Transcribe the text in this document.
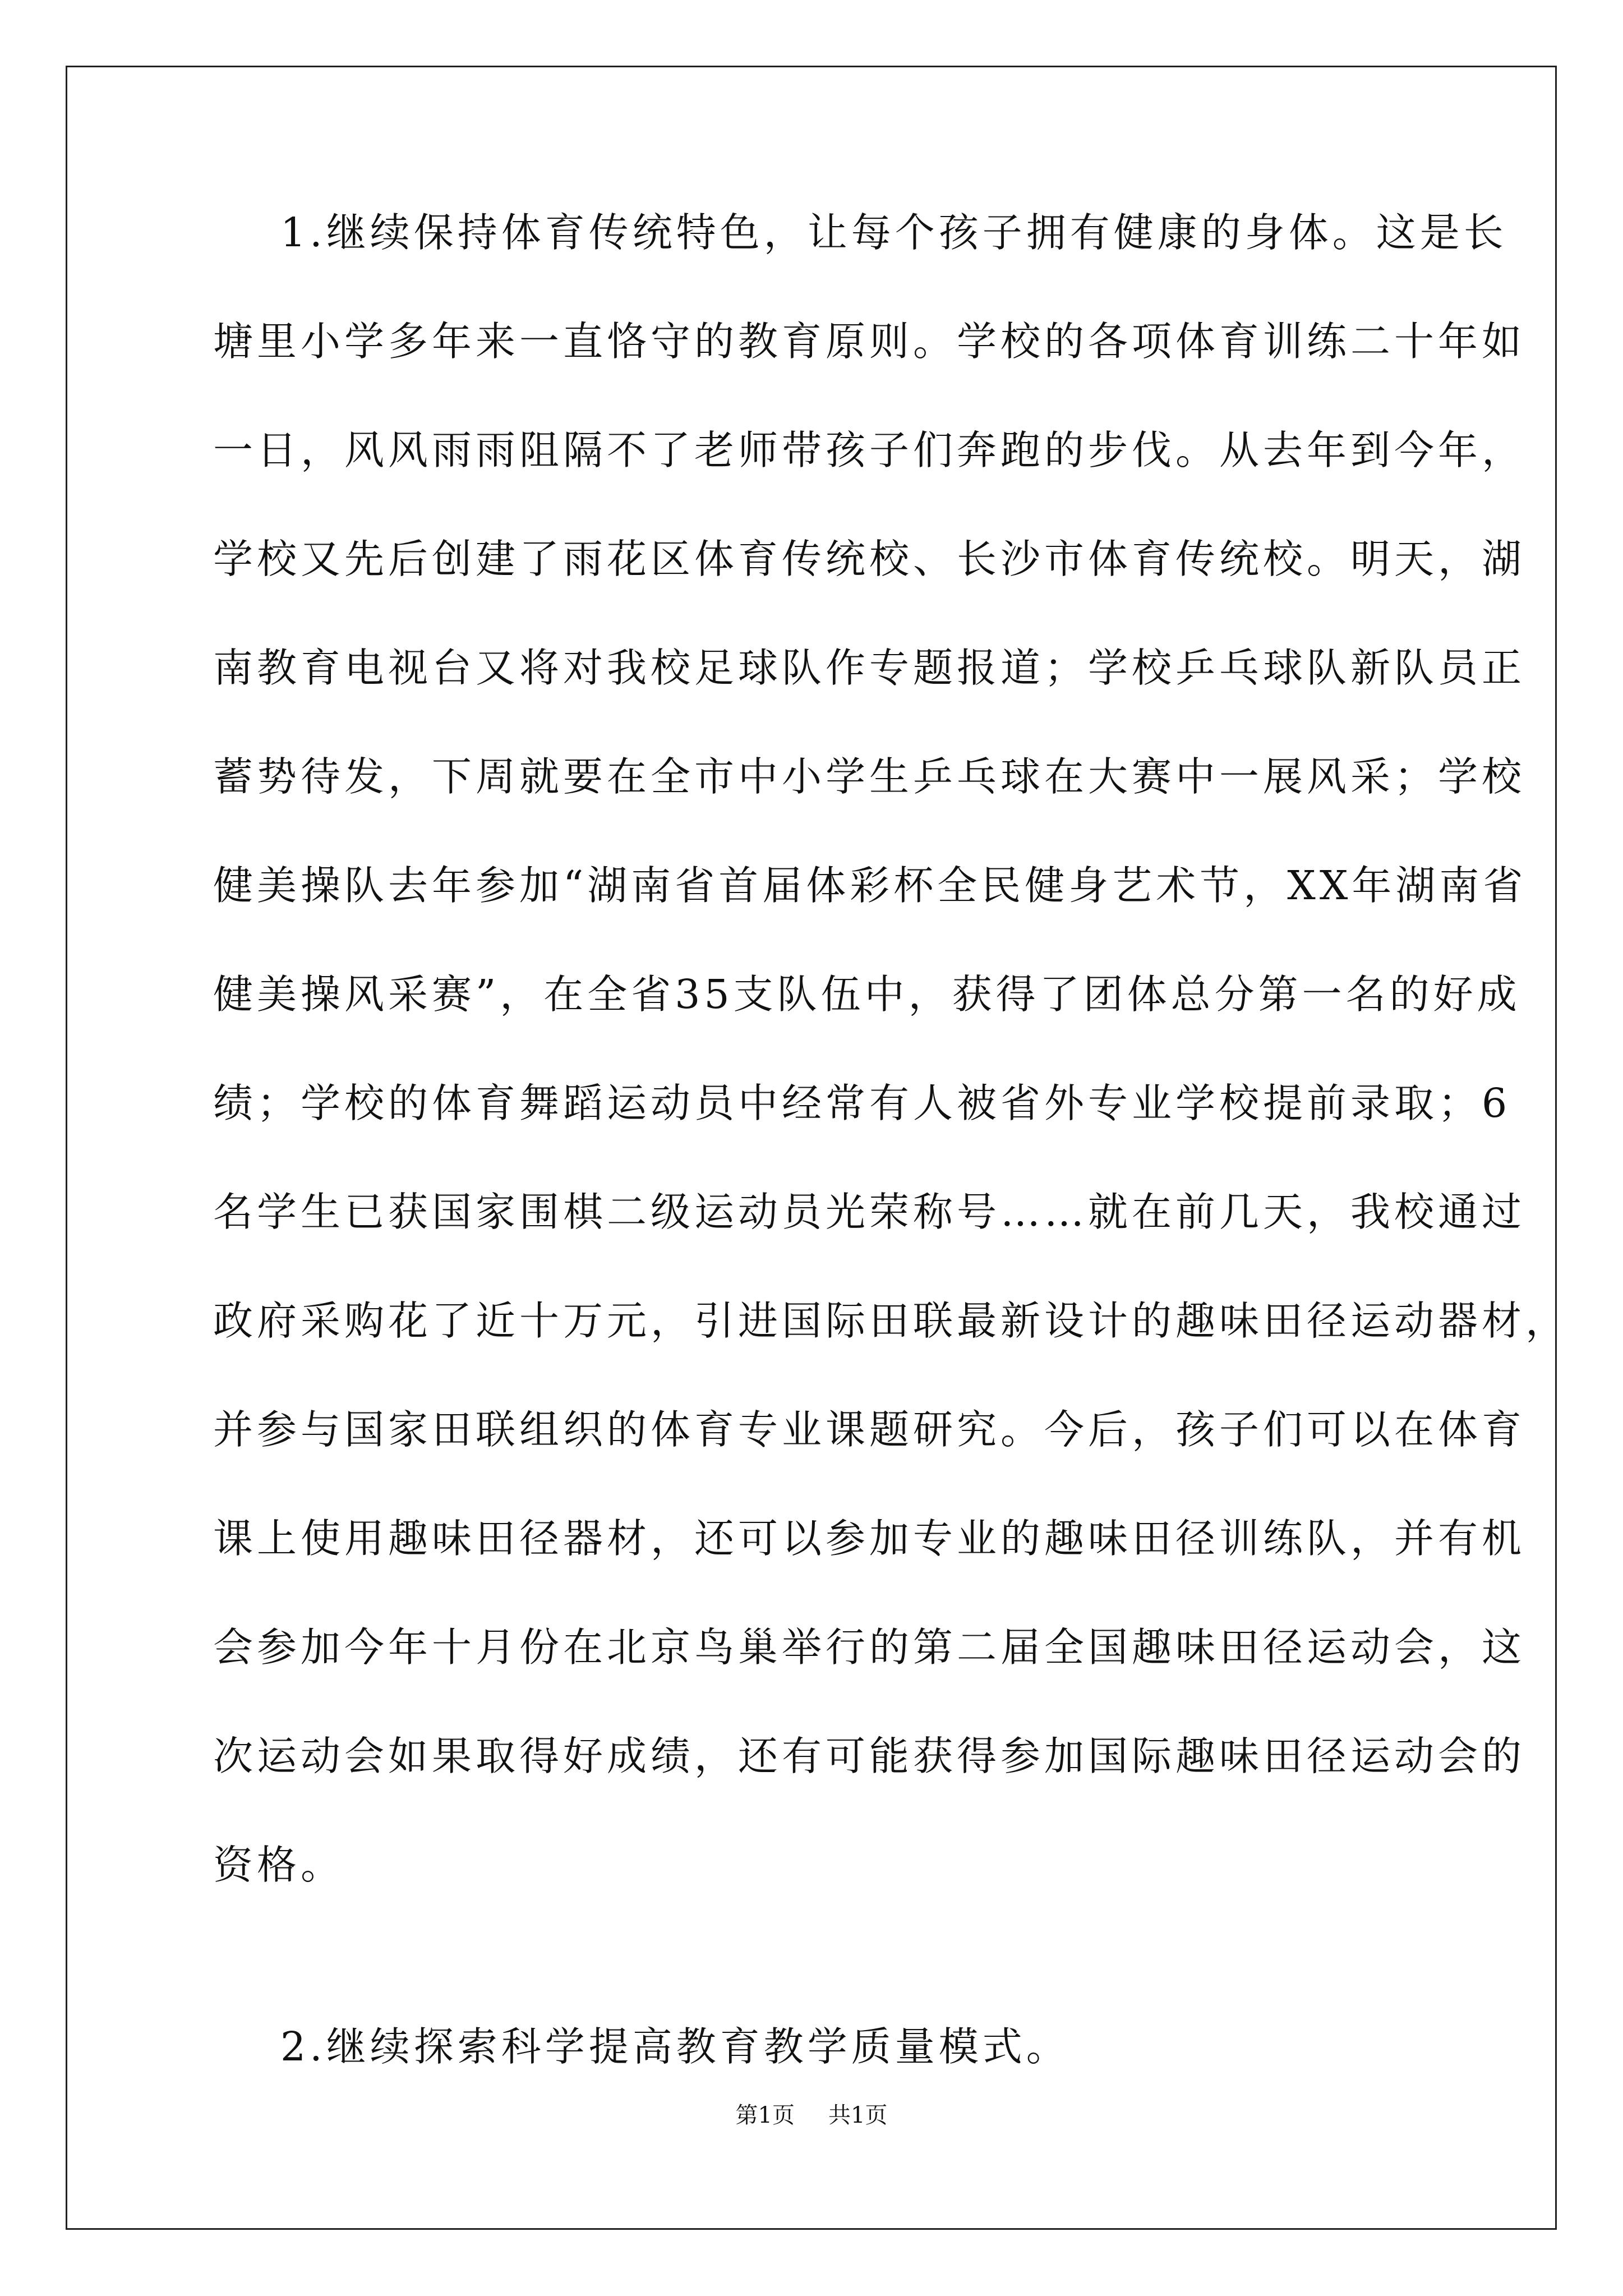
1.继续保持体育传统特色，让每个孩子拥有健康的身体。这是长
塘里小学多年来一直恪守的教育原则。学校的各项体育训练二十年如
一日，风风雨雨阻隔不了老师带孩子们奔跑的步伐。从去年到今年，
学校又先后创建了雨花区体育传统校、长沙市体育传统校。明天，湖
南教育电视台又将对我校足球队作专题报道；学校乒乓球队新队员正
蓄势待发，下周就要在全市中小学生乒乓球在大赛中一展风采；学校
健美操队去年参加“湖南省首届体彩杯全民健身艺术节，XX年湖南省
健美操风采赛”，在全省35支队伍中，获得了团体总分第一名的好成
绩；学校的体育舞蹈运动员中经常有人被省外专业学校提前录取；6
名学生已获国家围棋二级运动员光荣称号……就在前几天，我校通过
政府采购花了近十万元，引进国际田联最新设计的趣味田径运动器材，
并参与国家田联组织的体育专业课题研究。今后，孩子们可以在体育
课上使用趣味田径器材，还可以参加专业的趣味田径训练队，并有机
会参加今年十月份在北京鸟巢举行的第二届全国趣味田径运动会，这
次运动会如果取得好成绩，还有可能获得参加国际趣味田径运动会的
资格。
2.继续探索科学提高教育教学质量模式。
第1页 共1页
